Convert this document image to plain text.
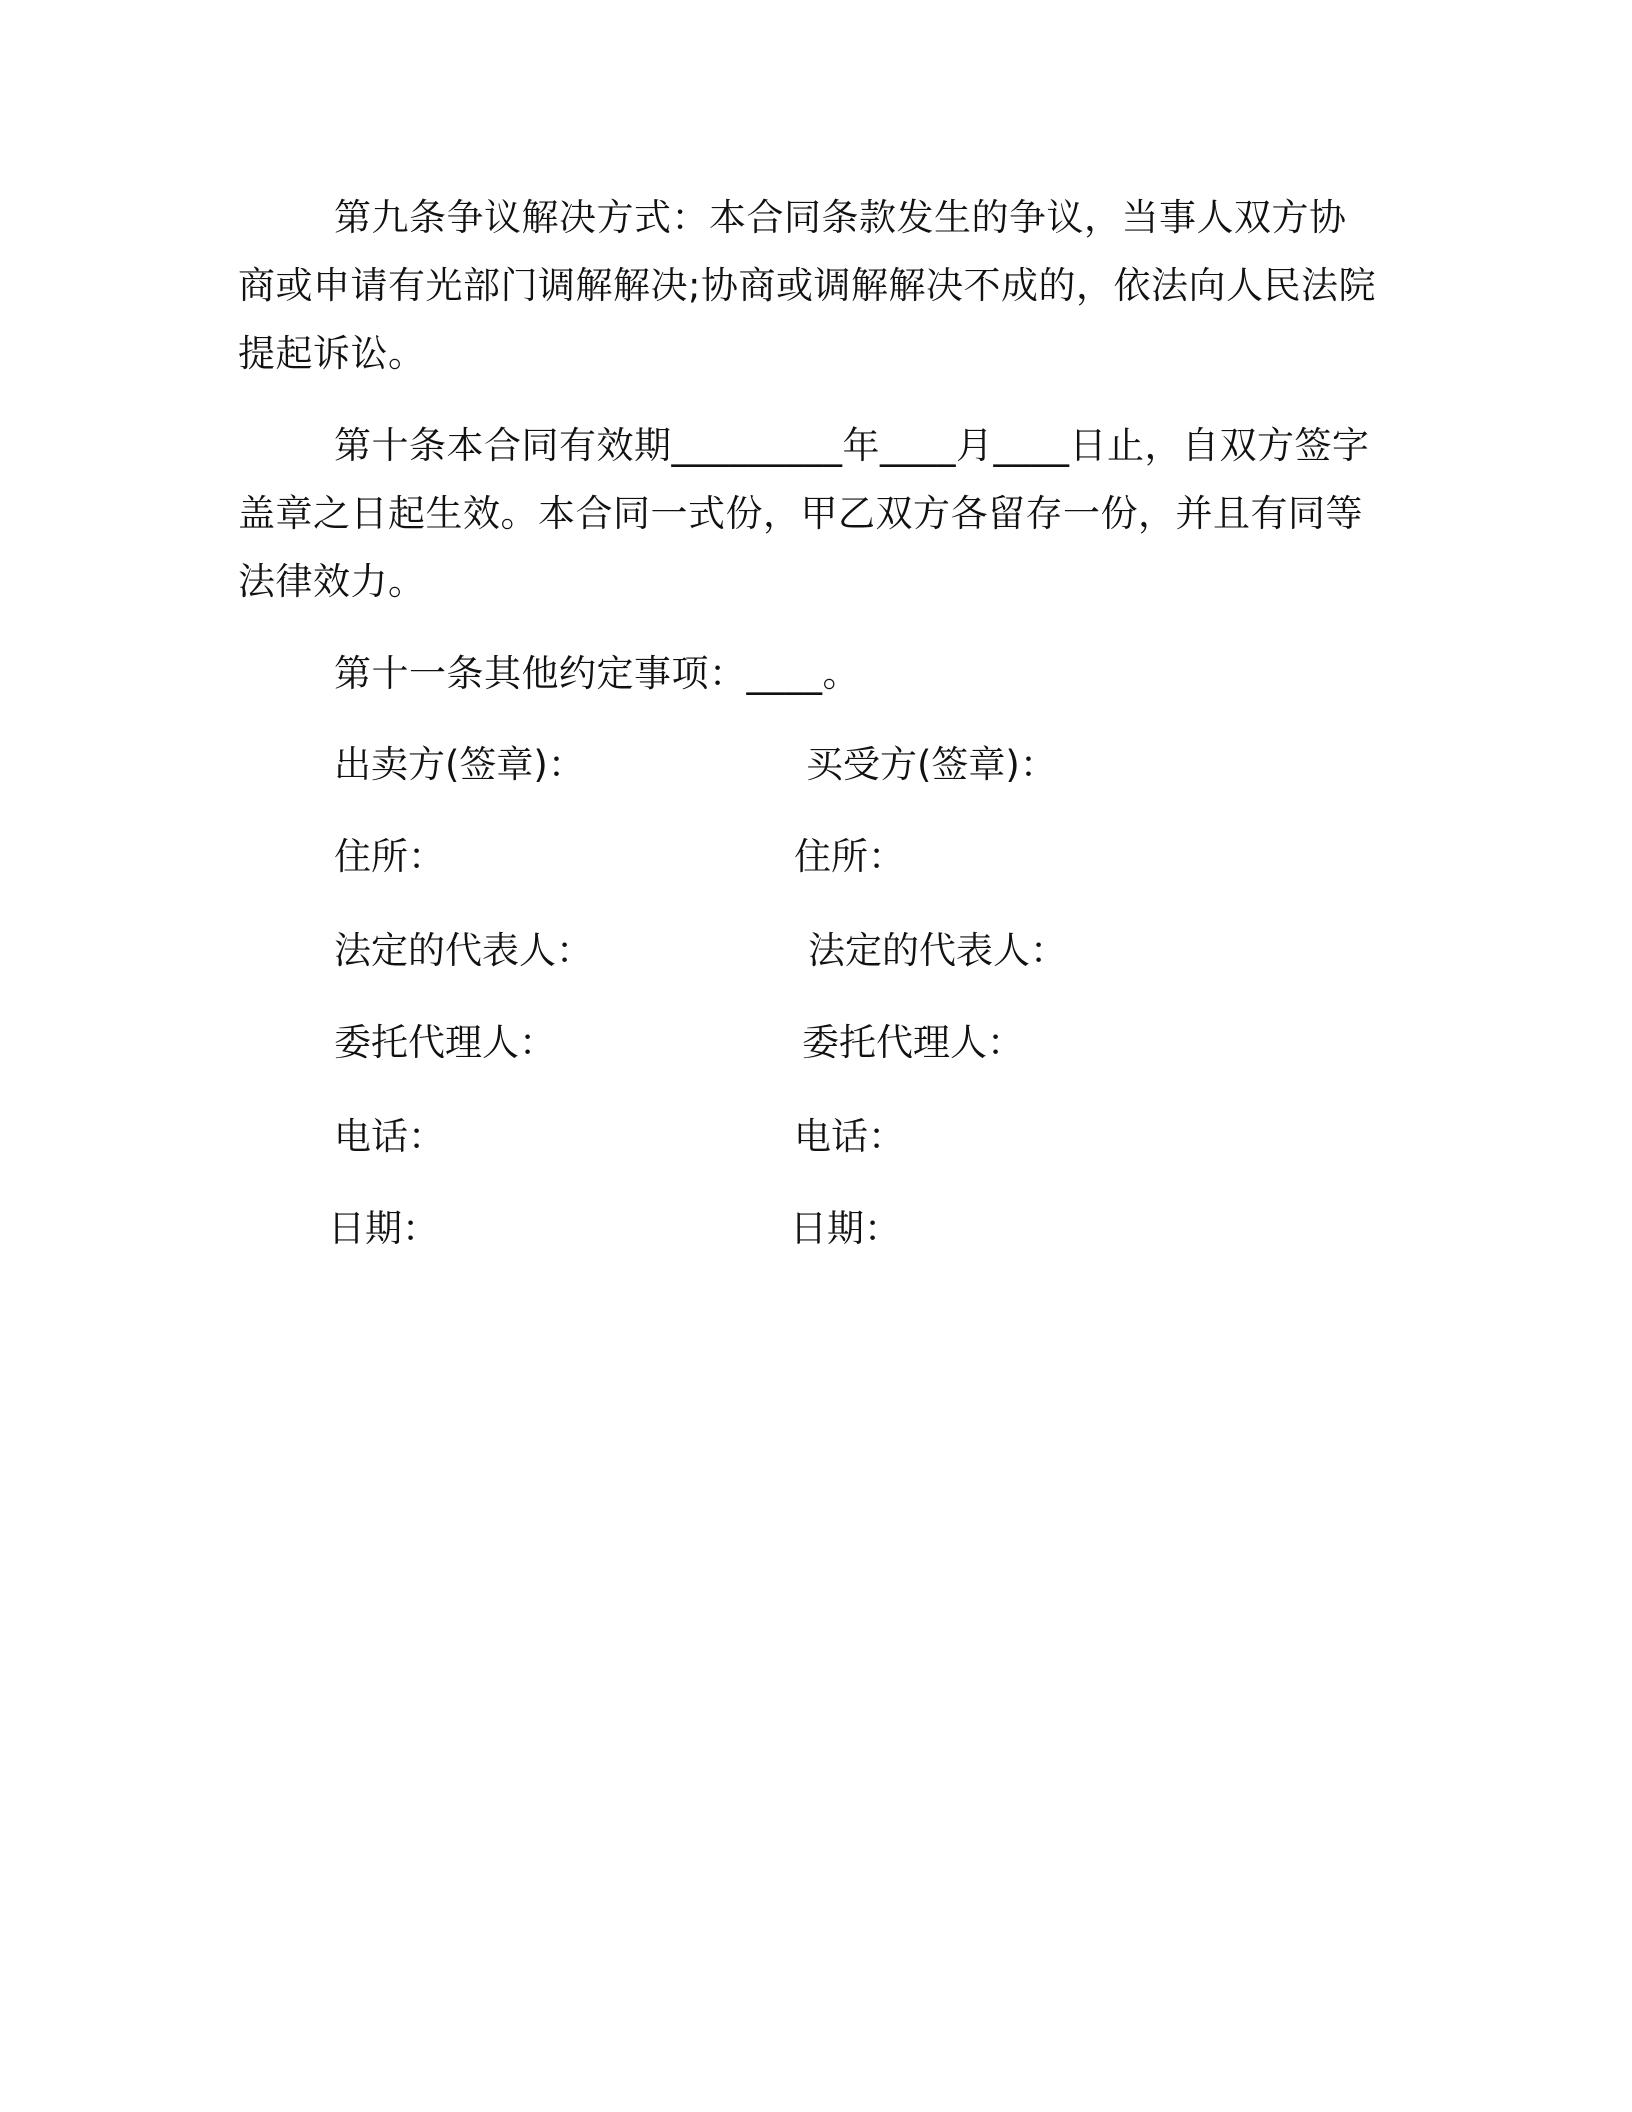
第九条争议解决方式：本合同条款发生的争议，当事人双方协商或申请有光部门调解解决;协商或调解解决不成的，依法向人民法院提起诉讼。

第十条本合同有效期_________年____月____日止，自双方签字盖章之日起生效。本合同一式份，甲乙双方各留存一份，并且有同等法律效力。

第十一条其他约定事项：____。

出卖方(签章)：

住所：

法定的代表人：

委托代理人：

电话：

日期：

买受方(签章)：

住所：

法定的代表人：

委托代理人：

电话：

日期：
